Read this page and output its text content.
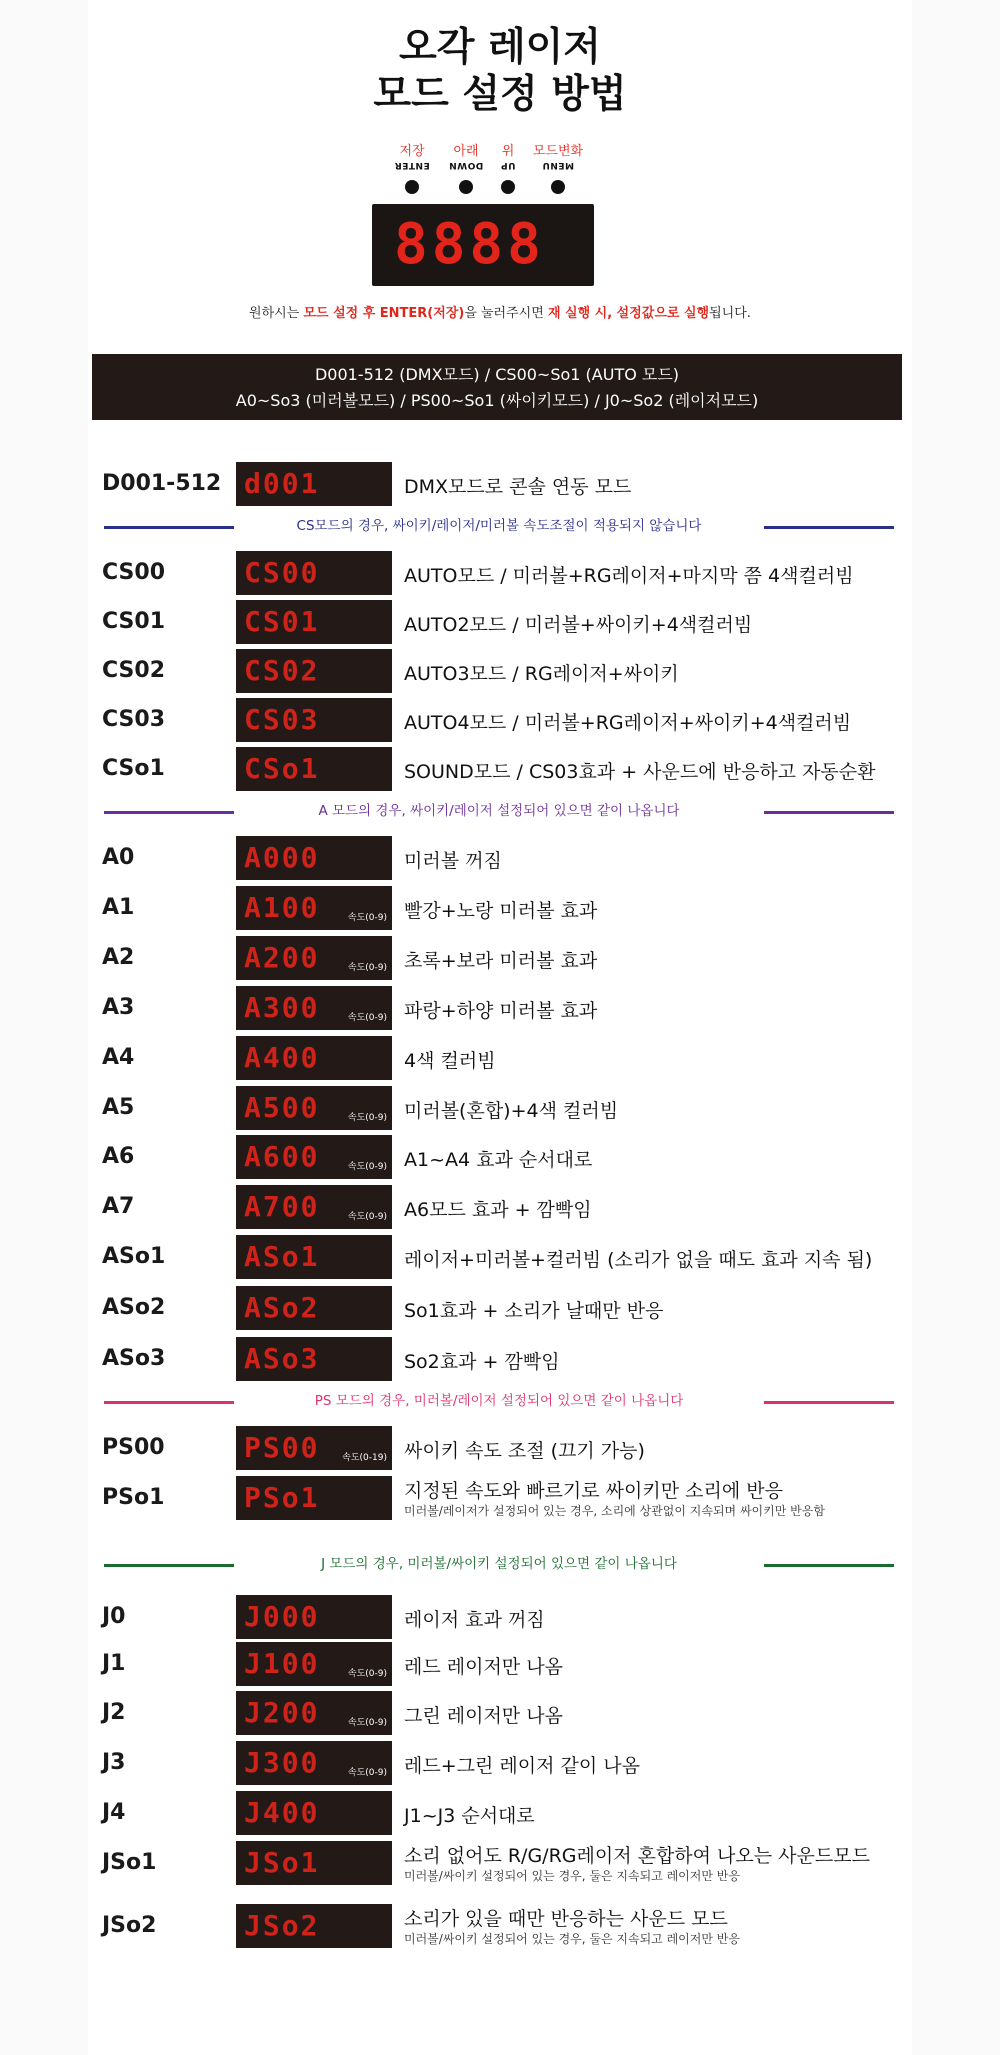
오각 레이저
모드 설정 방법
저장 아래 위 모드변화
ENTER DOWN UP	MENU
8888
원하시는 모드 설정 후 ENTER(저장)을 눌러주시면 재 실행 시, 설정값으로 실행됩니다.
D001-512 (DMX모드) / CS00~So1 (AUTO 모드)
A0~So3 (미러볼모드) / PS00~So1 (싸이키모드) / J0~So2 (레이저모드)
D001-512 d001	DMX모드로 콘솔 연동 모드
CS모드의 경우, 싸이키/레이저/미러볼 속도조절이 적용되지 않습니다
CS00	CS00	AUTO모드 / 미러볼+RG레이저+마지막 쯤 4색컬러빔
CS01	CS01	AUTO2모드 / 미러볼+싸이키+4색컬러빔
CS02	CS02	AUTO3모드 / RG레이저+싸이키
CS03	CS03	AUTO4모드 / 미러볼+RG레이저+싸이키+4색컬러빔
CSo1	CSo1	SOUND모드 / CS03효과 + 사운드에 반응하고 자동순환
A 모드의 경우, 싸이키/레이저 설정되어 있으면 같이 나옵니다
A0	A000	미러볼 꺼짐
A1	A100	속도(0-9) 빨강+노랑 미러볼 효과
A2	A200	속도(0-9) 초록+보라 미러볼 효과
A3	A300	속도(0-9) 파랑+하양 미러볼 효과
A4	A400	4색 컬러빔
A5	A500	속도(0-9) 미러볼(혼합)+4색 컬러빔
A6	A600	속도(0-9) A1~A4 효과 순서대로
A7	A700	속도(0-9) A6모드 효과 + 깜빡임
ASo1	ASo1	레이저+미러볼+컬러빔 (소리가 없을 때도 효과 지속 됨)
ASo2	ASo2	So1효과 + 소리가 날때만 반응
ASo3	ASo3	So2효과 + 깜빡임
PS 모드의 경우, 미러볼/레이저 설정되어 있으면 같이 나옵니다
PS00	PS00	속도(0-19) 싸이키 속도 조절 (끄기 가능)
PSo1	PSo1	지정된 속도와 빠르기로 싸이키만 소리에 반응
미러볼/레이저가 설정되어 있는 경우, 소리에 상관없이 지속되며 싸이키만 반응함
J 모드의 경우, 미러볼/싸이키 설정되어 있으면 같이 나옵니다
J0	J000	레이저 효과 꺼짐
J1	J100	속도(0-9) 레드 레이저만 나옴
J2	J200	속도(0-9) 그린 레이저만 나옴
J3	J300	속도(0-9) 레드+그린 레이저 같이 나옴
J4	J400	J1~J3 순서대로
JSo1	JSo1	소리 없어도 R/G/RG레이저 혼합하여 나오는 사운드모드
미러볼/싸이키 설정되어 있는 경우, 둘은 지속되고 레이저만 반응
JSo2	JSo2	소리가 있을 때만 반응하는 사운드 모드
미러볼/싸이키 설정되어 있는 경우, 둘은 지속되고 레이저만 반응
